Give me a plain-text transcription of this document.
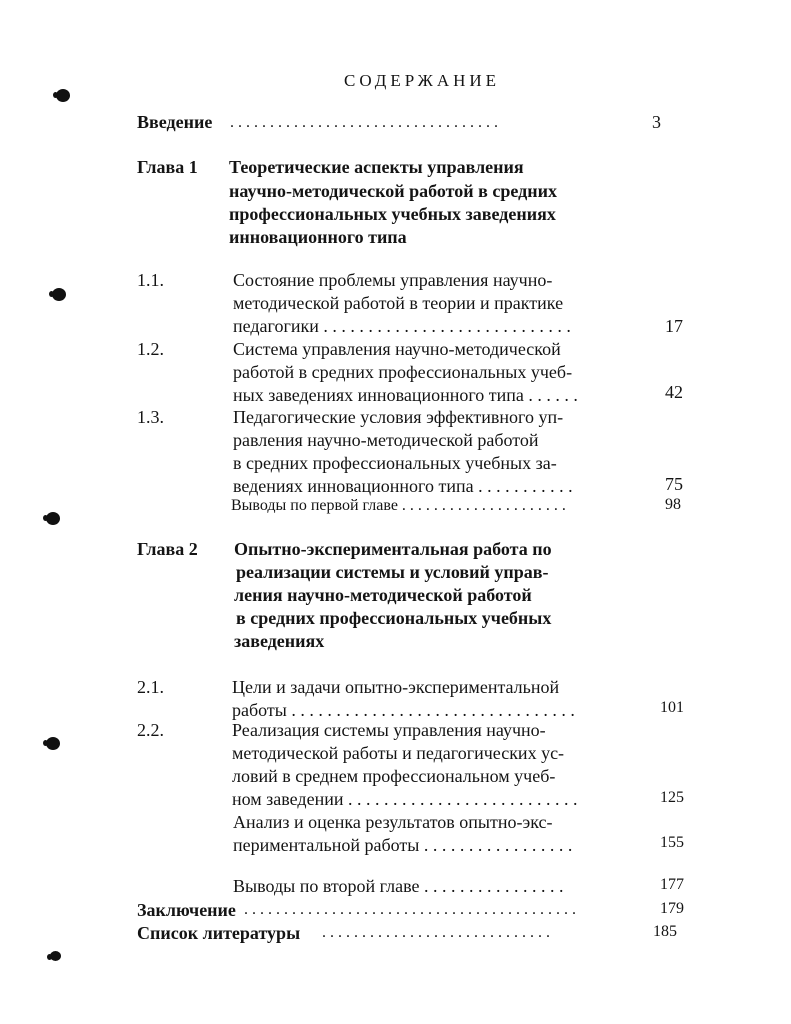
СОДЕРЖАНИЕ
Введение . . . . . . . . . . . . . . . . . . . . . . . . . . . . . . . . . .	3
Глава 1 Теоретические аспекты управления
научно-методической работой в средних
профессиональных учебных заведениях
инновационного типа
1.1.	Состояние проблемы управления научно-
методической работой в теории и практике
педагогики . . . . . . . . . . . . . . . . . . . . . . . . . . . .	17
1.2.	Система управления научно-методической
работой в средних профессиональных учеб-
ных заведениях инновационного типа . . . . . .	42
1.3.	Педагогические условия эффективного уп-
равления научно-методической работой
в средних профессиональных учебных за-
ведениях инновационного типа . . . . . . . . . . .	75
Выводы по первой главе . . . . . . . . . . . . . . . . . . . . .	98
Глава 2 Опытно-экспериментальная работа по
реализации системы и условий управ-
ления научно-методической работой
в средних профессиональных учебных
заведениях
2.1.	Цели и задачи опытно-экспериментальной
работы . . . . . . . . . . . . . . . . . . . . . . . . . . . . . . . .	101
2.2.	Реализация системы управления научно-
методической работы и педагогических ус-
ловий в среднем профессиональном учеб-
ном заведении . . . . . . . . . . . . . . . . . . . . . . . . . .	125
Анализ и оценка результатов опытно-экс-
периментальной работы . . . . . . . . . . . . . . . . .	155
Выводы по второй главе . . . . . . . . . . . . . . . .	177
Заключение . . . . . . . . . . . . . . . . . . . . . . . . . . . . . . . . . . . . . . . . . .	179
Список литературы . . . . . . . . . . . . . . . . . . . . . . . . . . . . .	185
